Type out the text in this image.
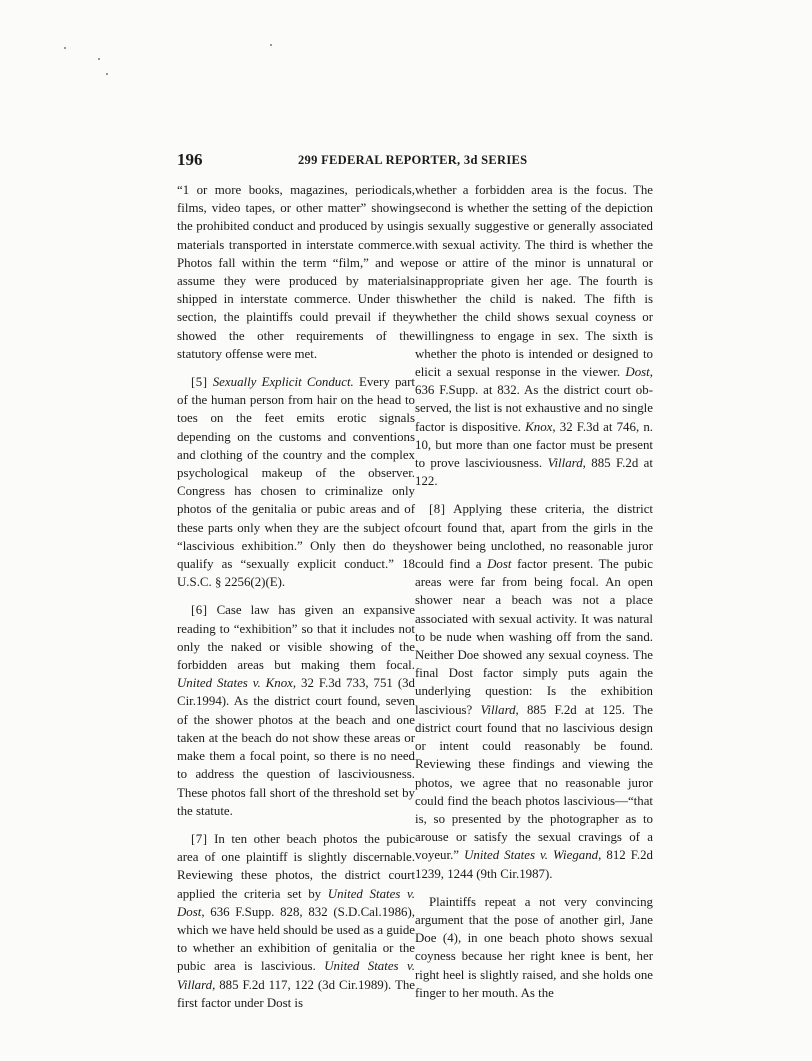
196	299 FEDERAL REPORTER, 3d SERIES

“1 or more books, magazines, periodicals, films, video tapes, or other matter” showing the prohibited conduct and produced by using materials transported in interstate commerce. Photos fall within the term “film,” and we assume they were produced by materials shipped in interstate commerce. Under this section, the plaintiffs could prevail if they showed the other requirements of the statutory offense were met.

[5] Sexually Explicit Conduct. Every part of the human person from hair on the head to toes on the feet emits erotic signals depending on the customs and conventions and clothing of the country and the complex psychological makeup of the observer. Congress has chosen to criminalize only photos of the genitalia or pubic areas and of these parts only when they are the subject of “lascivious exhibition.” Only then do they qualify as “sexually explicit conduct.” 18 U.S.C. § 2256(2)(E).

[6] Case law has given an expansive reading to “exhibition” so that it includes not only the naked or visible showing of the forbidden areas but making them focal. United States v. Knox, 32 F.3d 733, 751 (3d Cir.1994). As the district court found, seven of the shower photos at the beach and one taken at the beach do not show these areas or make them a focal point, so there is no need to address the question of lasciviousness. These photos fall short of the threshold set by the statute.

[7] In ten other beach photos the pubic area of one plaintiff is slightly discernable. Reviewing these photos, the district court applied the criteria set by United States v. Dost, 636 F.Supp. 828, 832 (S.D.Cal.1986), which we have held should be used as a guide to whether an exhibition of genitalia or the pubic area is lascivious. United States v. Villard, 885 F.2d 117, 122 (3d Cir.1989). The first factor under Dost is

whether a forbidden area is the focus. The second is whether the setting of the depiction is sexually suggestive or generally associated with sexual activity. The third is whether the pose or attire of the minor is unnatural or inappropriate given her age. The fourth is whether the child is naked. The fifth is whether the child shows sexual coyness or willingness to engage in sex. The sixth is whether the photo is intended or designed to elicit a sexual response in the viewer. Dost, 636 F.Supp. at 832. As the district court observed, the list is not exhaustive and no single factor is dispositive. Knox, 32 F.3d at 746, n. 10, but more than one factor must be present to prove lasciviousness. Villard, 885 F.2d at 122.

[8] Applying these criteria, the district court found that, apart from the girls in the shower being unclothed, no reasonable juror could find a Dost factor present. The pubic areas were far from being focal. An open shower near a beach was not a place associated with sexual activity. It was natural to be nude when washing off from the sand. Neither Doe showed any sexual coyness. The final Dost factor simply puts again the underlying question: Is the exhibition lascivious? Villard, 885 F.2d at 125. The district court found that no lascivious design or intent could reasonably be found. Reviewing these findings and viewing the photos, we agree that no reasonable juror could find the beach photos lascivious—“that is, so presented by the photographer as to arouse or satisfy the sexual cravings of a voyeur.” United States v. Wiegand, 812 F.2d 1239, 1244 (9th Cir.1987).

Plaintiffs repeat a not very convincing argument that the pose of another girl, Jane Doe (4), in one beach photo shows sexual coyness because her right knee is bent, her right heel is slightly raised, and she holds one finger to her mouth. As the
